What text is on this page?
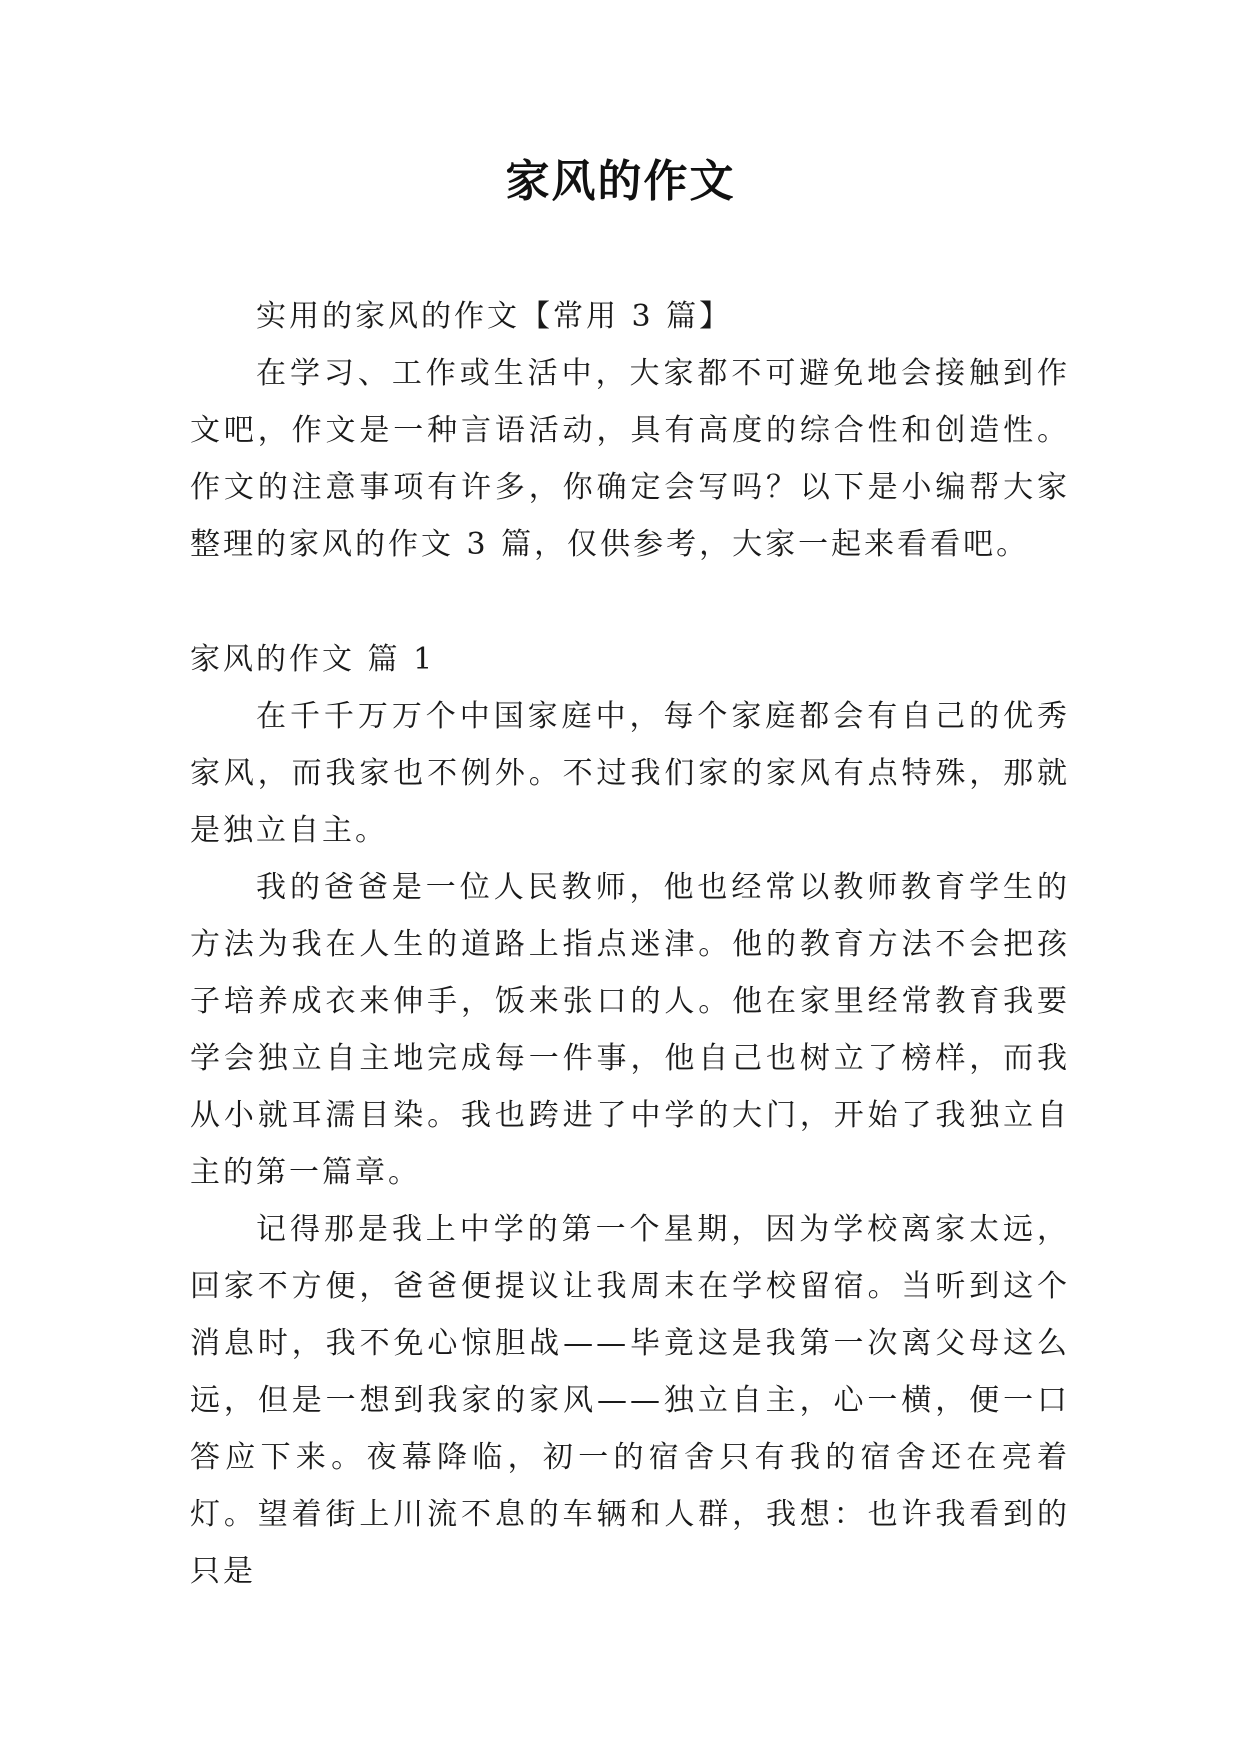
家风的作文

实用的家风的作文【常用 3 篇】

在学习、工作或生活中，大家都不可避免地会接触到作文吧，作文是一种言语活动，具有高度的综合性和创造性。作文的注意事项有许多，你确定会写吗？以下是小编帮大家整理的家风的作文 3 篇，仅供参考，大家一起来看看吧。

家风的作文 篇 1

在千千万万个中国家庭中，每个家庭都会有自己的优秀家风，而我家也不例外。不过我们家的家风有点特殊，那就是独立自主。

我的爸爸是一位人民教师，他也经常以教师教育学生的方法为我在人生的道路上指点迷津。他的教育方法不会把孩子培养成衣来伸手，饭来张口的人。他在家里经常教育我要学会独立自主地完成每一件事，他自己也树立了榜样，而我从小就耳濡目染。我也跨进了中学的大门，开始了我独立自主的第一篇章。

记得那是我上中学的第一个星期，因为学校离家太远，回家不方便，爸爸便提议让我周末在学校留宿。当听到这个消息时，我不免心惊胆战——毕竟这是我第一次离父母这么远，但是一想到我家的家风——独立自主，心一横，便一口答应下来。夜幕降临，初一的宿舍只有我的宿舍还在亮着灯。望着街上川流不息的车辆和人群，我想：也许我看到的只是
